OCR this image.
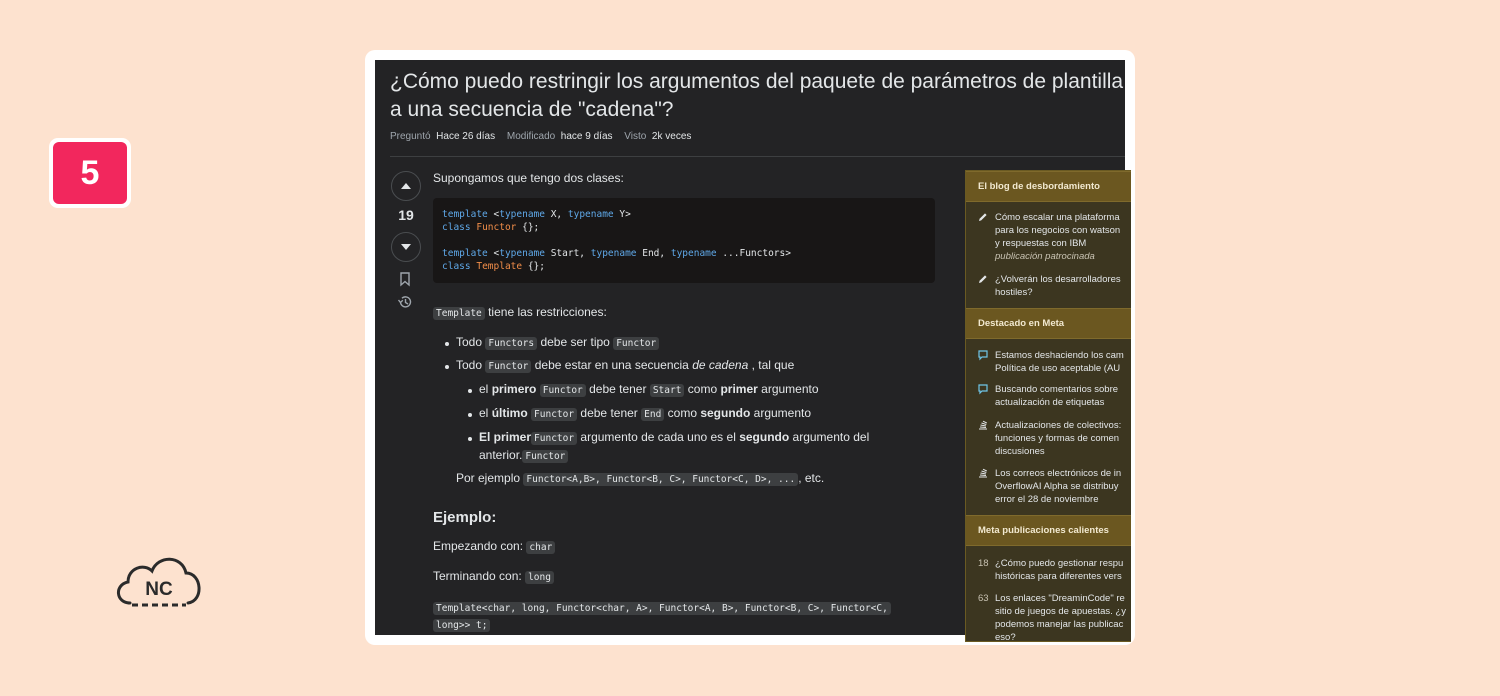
5
NC
¿Cómo puedo restringir los argumentos del paquete de parámetros de plantilla
a una secuencia de "cadena"?
Preguntó Hace 26 días Modificado hace 9 días Visto 2k veces
19
Supongamos que tengo dos clases:
Template tiene las restricciones:
Todo Functors debe ser tipo Functor
Todo Functor debe estar en una secuencia de cadena , tal que
el primero Functor debe tener Start como primer argumento
el último Functor debe tener End como segundo argumento
El primer Functor argumento de cada uno es el segundo argumento del
anterior. Functor
Por ejemplo Functor<A,B>, Functor<B, C>, Functor<C, D>, ... , etc.
Ejemplo:
Empezando con: char
Terminando con: long
Template<char, long, Functor<char, A>, Functor<A, B>, Functor<B, C>, Functor<C,
long>> t;
template <typename X, typename Y>
class Functor {};

template <typename Start, typename End, typename ...Functors>
class Template {};
El blog de desbordamiento
Cómo escalar una plataforma
para los negocios con watson
y respuestas con IBM
publicación patrocinada
¿Volverán los desarrolladores
hostiles?
Destacado en Meta
Estamos deshaciendo los cam
Política de uso aceptable (AU
Buscando comentarios sobre
actualización de etiquetas
Actualizaciones de colectivos:
funciones y formas de comen
discusiones
Los correos electrónicos de in
OverflowAI Alpha se distribuy
error el 28 de noviembre
Meta publicaciones calientes
18 ¿Cómo puedo gestionar respu
históricas para diferentes vers
63 Los enlaces "DreaminCode" re
sitio de juegos de apuestas. ¿y
podemos manejar las publicac
eso?
